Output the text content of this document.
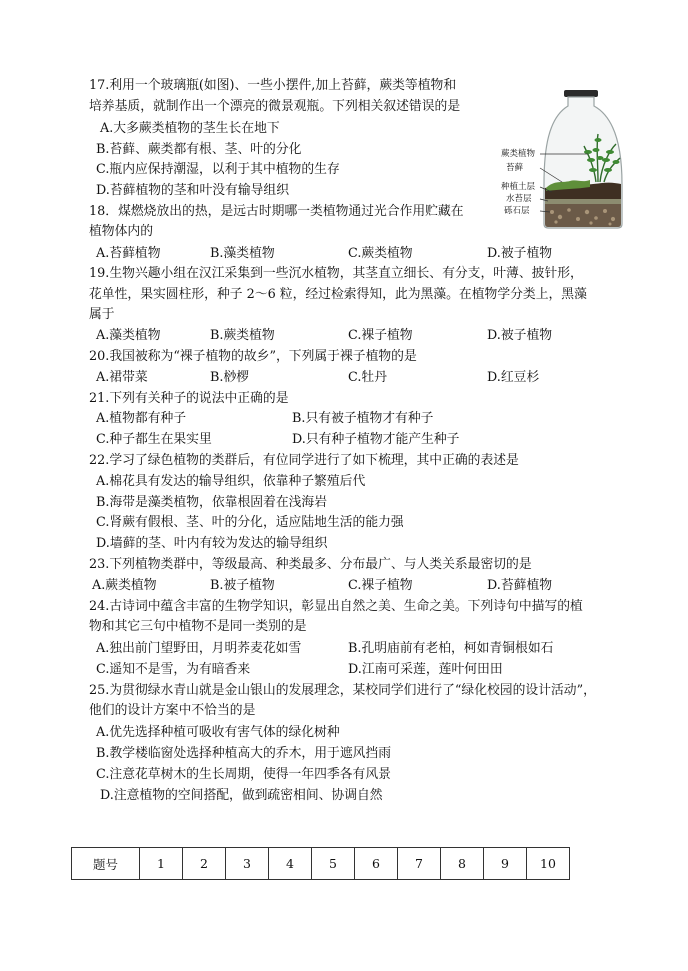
17.利用一个玻璃瓶(如图)、一些小摆件,加上苔藓，蕨类等植物和
培养基质，就制作出一个漂亮的微景观瓶。下列相关叙述错误的是
A.大多蕨类植物的茎生长在地下
B.苔藓、蕨类都有根、茎、叶的分化
C.瓶内应保持潮湿，以利于其中植物的生存
D.苔藓植物的茎和叶没有输导组织
蕨类植物
苔藓
种植土层
水苔层
砾石层
18．煤燃烧放出的热，是远古时期哪一类植物通过光合作用贮藏在
植物体内的
A.苔藓植物	B.藻类植物	C.蕨类植物	D.被子植物
19.生物兴趣小组在汉江采集到一些沉水植物，其茎直立细长、有分支，叶薄、披针形，
花单性，果实圆柱形，种子 2～6 粒，经过检索得知，此为黑藻。在植物学分类上，黑藻
属于
A.藻类植物	B.蕨类植物	C.裸子植物	D.被子植物
20.我国被称为“裸子植物的故乡”，下列属于裸子植物的是
A.裙带菜	B.桫椤	C.牡丹	D.红豆杉
21.下列有关种子的说法中正确的是
A.植物都有种子	B.只有被子植物才有种子
C.种子都生在果实里	D.只有种子植物才能产生种子
22.学习了绿色植物的类群后，有位同学进行了如下梳理，其中正确的表述是
A.棉花具有发达的输导组织，依靠种子繁殖后代
B.海带是藻类植物，依靠根固着在浅海岩
C.肾蕨有假根、茎、叶的分化，适应陆地生活的能力强
D.墙藓的茎、叶内有较为发达的输导组织
23.下列植物类群中，等级最高、种类最多、分布最广、与人类关系最密切的是
A.蕨类植物	B.被子植物	C.裸子植物	D.苔藓植物
24.古诗词中蕴含丰富的生物学知识，彰显出自然之美、生命之美。下列诗句中描写的植
物和其它三句中植物不是同一类别的是
A.独出前门望野田，月明荞麦花如雪	B.孔明庙前有老柏，柯如青铜根如石
C.遥知不是雪，为有暗香来	D.江南可采莲，莲叶何田田
25.为贯彻绿水青山就是金山银山的发展理念，某校同学们进行了“绿化校园的设计活动”，
他们的设计方案中不恰当的是
A.优先选择种植可吸收有害气体的绿化树种
B.教学楼临窗处选择种植高大的乔木，用于遮风挡雨
C.注意花草树木的生长周期，使得一年四季各有风景
D.注意植物的空间搭配，做到疏密相间、协调自然
题号	1	2	3	4	5	6	7	8	9	10
